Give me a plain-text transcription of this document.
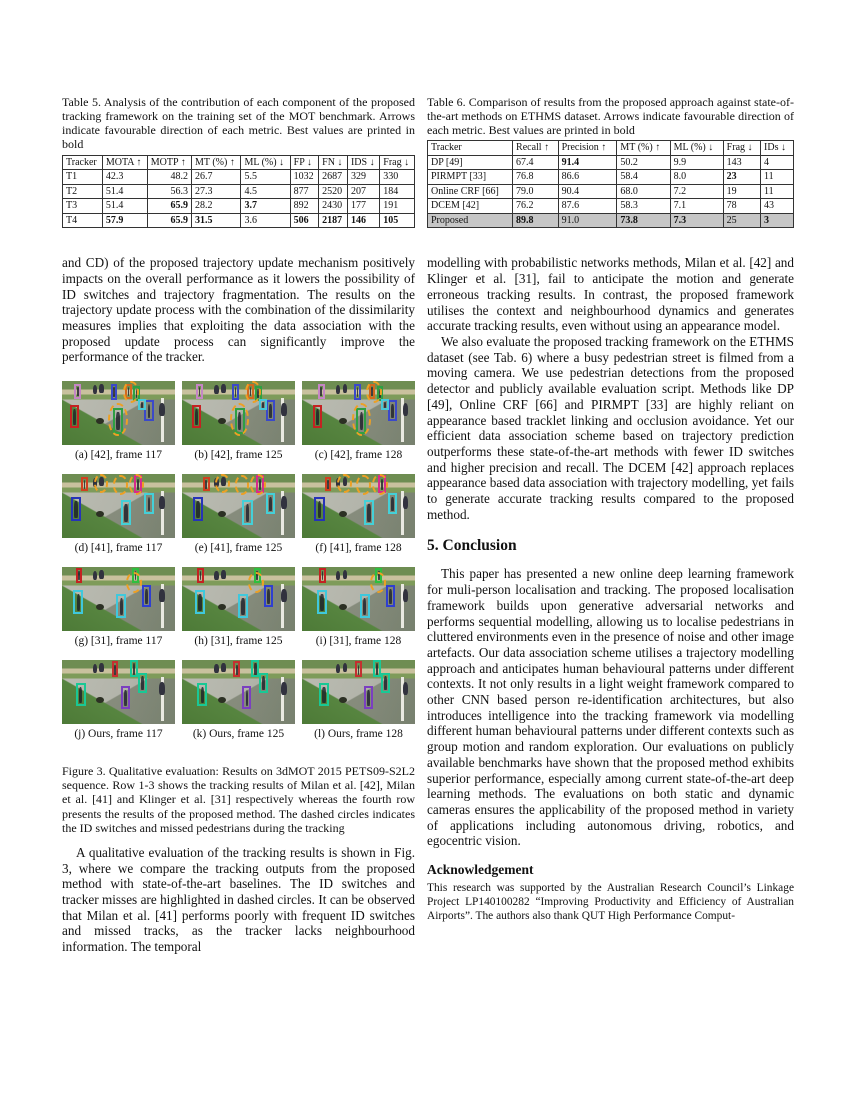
Table 5. Analysis of the contribution of each component of the proposed tracking framework on the training set of the MOT benchmark. Arrows indicate favourable direction of each metric. Best values are printed in bold

Tracker	MOTA ↑	MOTP ↑	MT (%) ↑	ML (%) ↓	FP ↓	FN ↓	IDS ↓	Frag ↓
T1	42.3	48.2	26.7	5.5	1032	2687	329	330
T2	51.4	56.3	27.3	4.5	877	2520	207	184
T3	51.4	65.9	28.2	3.7	892	2430	177	191
T4	57.9	65.9	31.5	3.6	506	2187	146	105

and CD) of the proposed trajectory update mechanism positively impacts on the overall performance as it lowers the possibility of ID switches and trajectory fragmentation. The results on the trajectory update process with the combination of the dissimilarity measures implies that exploiting the data association with the proposed update process can significantly improve the performance of the tracker.

(a) [42], frame 117	(b) [42], frame 125	(c) [42], frame 128
(d) [41], frame 117	(e) [41], frame 125	(f) [41], frame 128
(g) [31], frame 117	(h) [31], frame 125	(i) [31], frame 128
(j) Ours, frame 117	(k) Ours, frame 125	(l) Ours, frame 128

Figure 3. Qualitative evaluation: Results on 3dMOT 2015 PETS09-S2L2 sequence. Row 1-3 shows the tracking results of Milan et al. [42], Milan et al. [41] and Klinger et al. [31] respectively whereas the fourth row presents the results of the proposed method. The dashed circles indicates the ID switches and missed pedestrians during the tracking

A qualitative evaluation of the tracking results is shown in Fig. 3, where we compare the tracking outputs from the proposed method with state-of-the-art baselines. The ID switches and tracker misses are highlighted in dashed circles. It can be observed that Milan et al. [41] performs poorly with frequent ID switches and missed tracks, as the tracker lacks neighbourhood information. The temporal

Table 6. Comparison of results from the proposed approach against state-of-the-art methods on ETHMS dataset. Arrows indicate favourable direction of each metric. Best values are printed in bold

Tracker	Recall ↑	Precision ↑	MT (%) ↑	ML (%) ↓	Frag ↓	IDs ↓
DP [49]	67.4	91.4	50.2	9.9	143	4
PIRMPT [33]	76.8	86.6	58.4	8.0	23	11
Online CRF [66]	79.0	90.4	68.0	7.2	19	11
DCEM [42]	76.2	87.6	58.3	7.1	78	43
Proposed	89.8	91.0	73.8	7.3	25	3

modelling with probabilistic networks methods, Milan et al. [42] and Klinger et al. [31], fail to anticipate the motion and generate erroneous tracking results. In contrast, the proposed framework utilises the context and neighbourhood dynamics and generates accurate tracking results, even without using an appearance model.

We also evaluate the proposed tracking framework on the ETHMS dataset (see Tab. 6) where a busy pedestrian street is filmed from a moving camera. We use pedestrian detections from the proposed detector and publicly available evaluation script. Methods like DP [49], Online CRF [66] and PIRMPT [33] are highly reliant on appearance based tracklet linking and occlusion avoidance. Yet our efficient data association scheme based on trajectory prediction outperforms these state-of-the-art methods with fewer ID switches and higher precision and recall. The DCEM [42] approach replaces appearance based data association with trajectory modelling, yet fails to generate accurate tracking results compared to the proposed method.

5. Conclusion

This paper has presented a new online deep learning framework for muli-person localisation and tracking. The proposed localisation framework builds upon generative adversarial networks and performs sequential modelling, allowing us to localise pedestrians in cluttered environments even in the presence of noise and other image artefacts. Our data association scheme utilises a trajectory modelling approach and anticipates human behavioural patterns under different contexts. It not only results in a light weight framework compared to other CNN based person re-identification architectures, but also introduces intelligence into the tracking framework via modelling different human behavioural patterns under different contexts such as group motion and random exploration. Our evaluations on publicly available benchmarks have shown that the proposed method exhibits superior performance, especially among current state-of-the-art deep learning methods. The evaluations on both static and dynamic cameras ensures the applicability of the proposed method in variety of applications including autonomous driving, robotics, and egocentric vision.

Acknowledgement

This research was supported by the Australian Research Council’s Linkage Project LP140100282 “Improving Productivity and Efficiency of Australian Airports”. The authors also thank QUT High Performance Comput-
